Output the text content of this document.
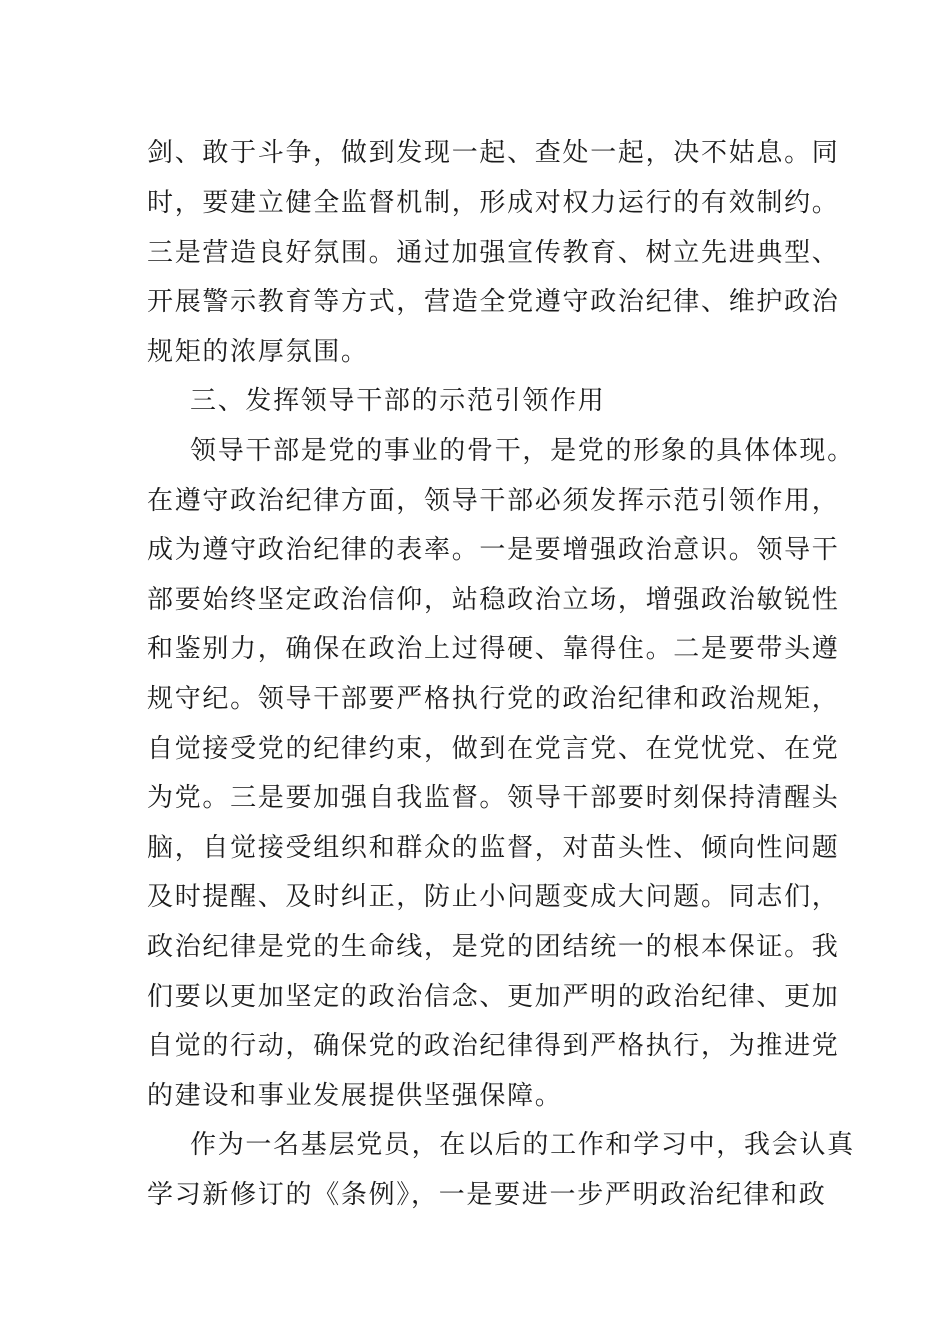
剑、敢于斗争，做到发现一起、查处一起，决不姑息。同

时，要建立健全监督机制，形成对权力运行的有效制约。

三是营造良好氛围。通过加强宣传教育、树立先进典型、

开展警示教育等方式，营造全党遵守政治纪律、维护政治

规矩的浓厚氛围。

三、发挥领导干部的示范引领作用

领导干部是党的事业的骨干，是党的形象的具体体现。

在遵守政治纪律方面，领导干部必须发挥示范引领作用，

成为遵守政治纪律的表率。一是要增强政治意识。领导干

部要始终坚定政治信仰，站稳政治立场，增强政治敏锐性

和鉴别力，确保在政治上过得硬、靠得住。二是要带头遵

规守纪。领导干部要严格执行党的政治纪律和政治规矩，

自觉接受党的纪律约束，做到在党言党、在党忧党、在党

为党。三是要加强自我监督。领导干部要时刻保持清醒头

脑，自觉接受组织和群众的监督，对苗头性、倾向性问题

及时提醒、及时纠正，防止小问题变成大问题。同志们，

政治纪律是党的生命线，是党的团结统一的根本保证。我

们要以更加坚定的政治信念、更加严明的政治纪律、更加

自觉的行动，确保党的政治纪律得到严格执行，为推进党

的建设和事业发展提供坚强保障。

作为一名基层党员，在以后的工作和学习中，我会认真

学习新修订的《条例》，一是要进一步严明政治纪律和政
